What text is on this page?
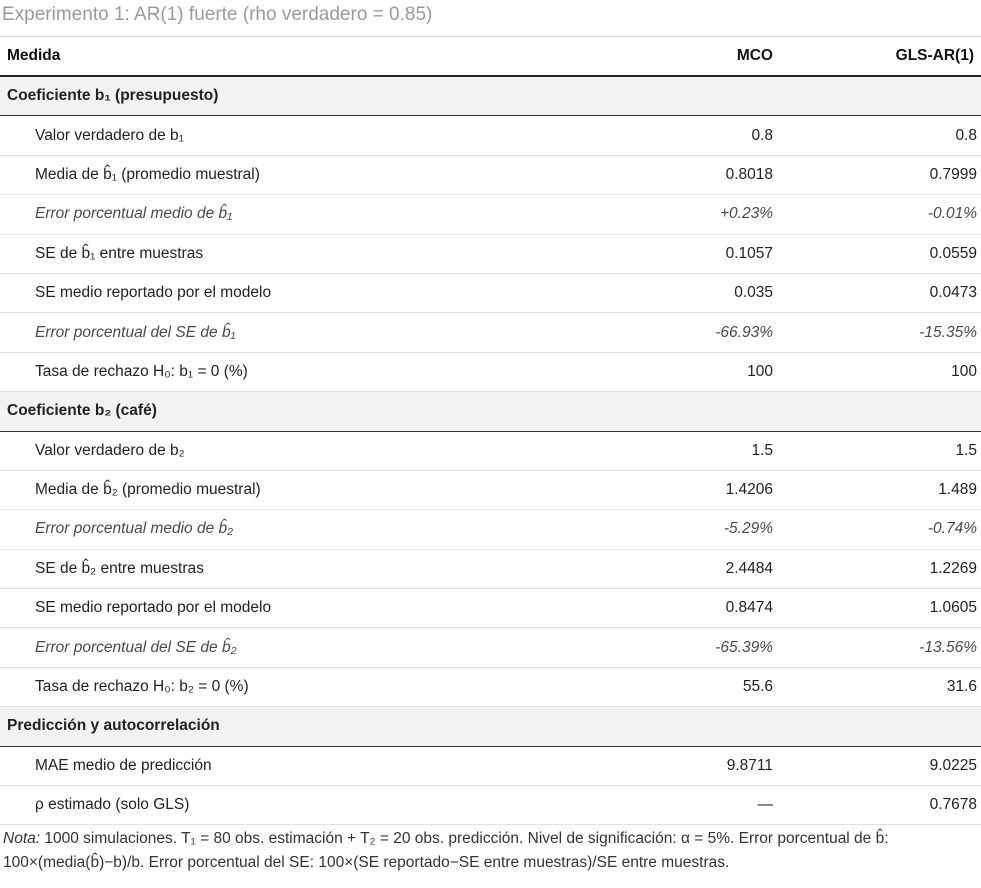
Experimento 1: AR(1) fuerte (rho verdadero = 0.85)
Medida	MCO	GLS-AR(1)
Coeficiente b₁ (presupuesto)		
Valor verdadero de b₁	0.8	0.8
Media de b̂₁ (promedio muestral)	0.8018	0.7999
Error porcentual medio de b̂₁	+0.23%	-0.01%
SE de b̂₁ entre muestras	0.1057	0.0559
SE medio reportado por el modelo	0.035	0.0473
Error porcentual del SE de b̂₁	-66.93%	-15.35%
Tasa de rechazo H₀: b₁ = 0 (%)	100	100
Coeficiente b₂ (café)		
Valor verdadero de b₂	1.5	1.5
Media de b̂₂ (promedio muestral)	1.4206	1.489
Error porcentual medio de b̂₂	-5.29%	-0.74%
SE de b̂₂ entre muestras	2.4484	1.2269
SE medio reportado por el modelo	0.8474	1.0605
Error porcentual del SE de b̂₂	-65.39%	-13.56%
Tasa de rechazo H₀: b₂ = 0 (%)	55.6	31.6
Predicción y autocorrelación		
MAE medio de predicción	9.8711	9.0225
ρ estimado (solo GLS)	—	0.7678
Nota: 1000 simulaciones. T₁ = 80 obs. estimación + T₂ = 20 obs. predicción. Nivel de significación: α = 5%. Error porcentual de b̂: 100×(media(b̂)−b)/b. Error porcentual del SE: 100×(SE reportado−SE entre muestras)/SE entre muestras.
